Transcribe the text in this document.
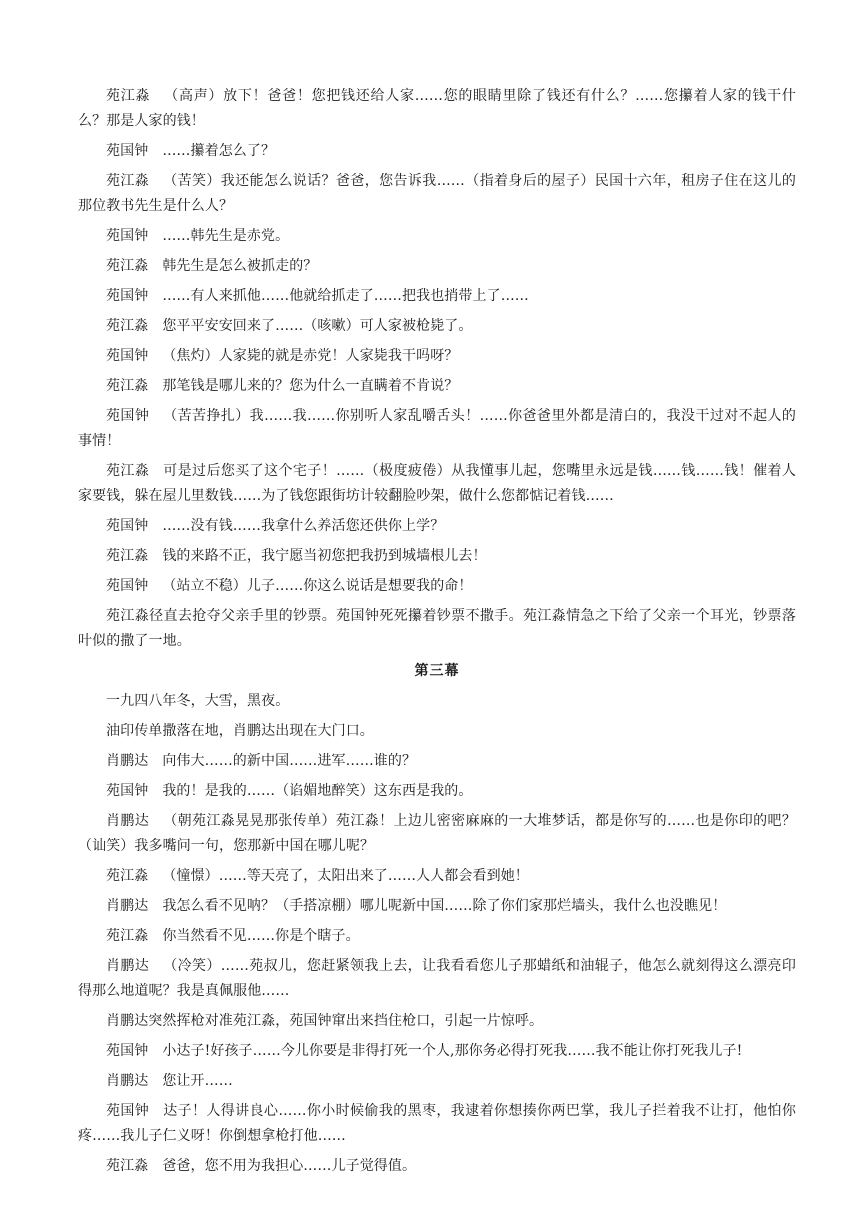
苑江淼 （高声）放下！爸爸！您把钱还给人家……您的眼睛里除了钱还有什么？……您攥着人家的钱干什么？那是人家的钱！
苑国钟 ……攥着怎么了？
苑江淼 （苦笑）我还能怎么说话？爸爸，您告诉我……（指着身后的屋子）民国十六年，租房子住在这儿的那位教书先生是什么人？
苑国钟 ……韩先生是赤党。
苑江淼 韩先生是怎么被抓走的？
苑国钟 ……有人来抓他……他就给抓走了……把我也捎带上了……
苑江淼 您平平安安回来了……（咳嗽）可人家被枪毙了。
苑国钟 （焦灼）人家毙的就是赤党！人家毙我干吗呀？
苑江淼 那笔钱是哪儿来的？您为什么一直瞒着不肯说？
苑国钟 （苦苦挣扎）我……我……你别听人家乱嚼舌头！……你爸爸里外都是清白的，我没干过对不起人的事情！
苑江淼 可是过后您买了这个宅子！……（极度疲倦）从我懂事儿起，您嘴里永远是钱……钱……钱！催着人家要钱，躲在屋儿里数钱……为了钱您跟街坊计较翻脸吵架，做什么您都惦记着钱……
苑国钟 ……没有钱……我拿什么养活您还供你上学？
苑江淼 钱的来路不正，我宁愿当初您把我扔到城墙根儿去！
苑国钟 （站立不稳）儿子……你这么说话是想要我的命！
苑江淼径直去抢夺父亲手里的钞票。苑国钟死死攥着钞票不撒手。苑江淼情急之下给了父亲一个耳光，钞票落叶似的撒了一地。
第三幕
一九四八年冬，大雪，黑夜。
油印传单撒落在地，肖鹏达出现在大门口。
肖鹏达 向伟大……的新中国……进军……谁的？
苑国钟 我的！是我的……（谄媚地醉笑）这东西是我的。
肖鹏达 （朝苑江淼晃晃那张传单）苑江淼！上边儿密密麻麻的一大堆梦话，都是你写的……也是你印的吧？（讪笑）我多嘴问一句，您那新中国在哪儿呢？
苑江淼 （憧憬）……等天亮了，太阳出来了……人人都会看到她！
肖鹏达 我怎么看不见呐？（手搭凉棚）哪儿呢新中国……除了你们家那烂墙头，我什么也没瞧见！
苑江淼 你当然看不见……你是个瞎子。
肖鹏达 （冷笑）……苑叔儿，您赶紧领我上去，让我看看您儿子那蜡纸和油辊子，他怎么就刻得这么漂亮印得那么地道呢？我是真佩服他……
肖鹏达突然挥枪对准苑江淼，苑国钟窜出来挡住枪口，引起一片惊呼。
苑国钟 小达子!好孩子……今儿你要是非得打死一个人,那你务必得打死我……我不能让你打死我儿子!
肖鹏达 您让开……
苑国钟 达子！人得讲良心……你小时候偷我的黑枣，我逮着你想揍你两巴掌，我儿子拦着我不让打，他怕你疼……我儿子仁义呀！你倒想拿枪打他……
苑江淼 爸爸，您不用为我担心……儿子觉得值。
